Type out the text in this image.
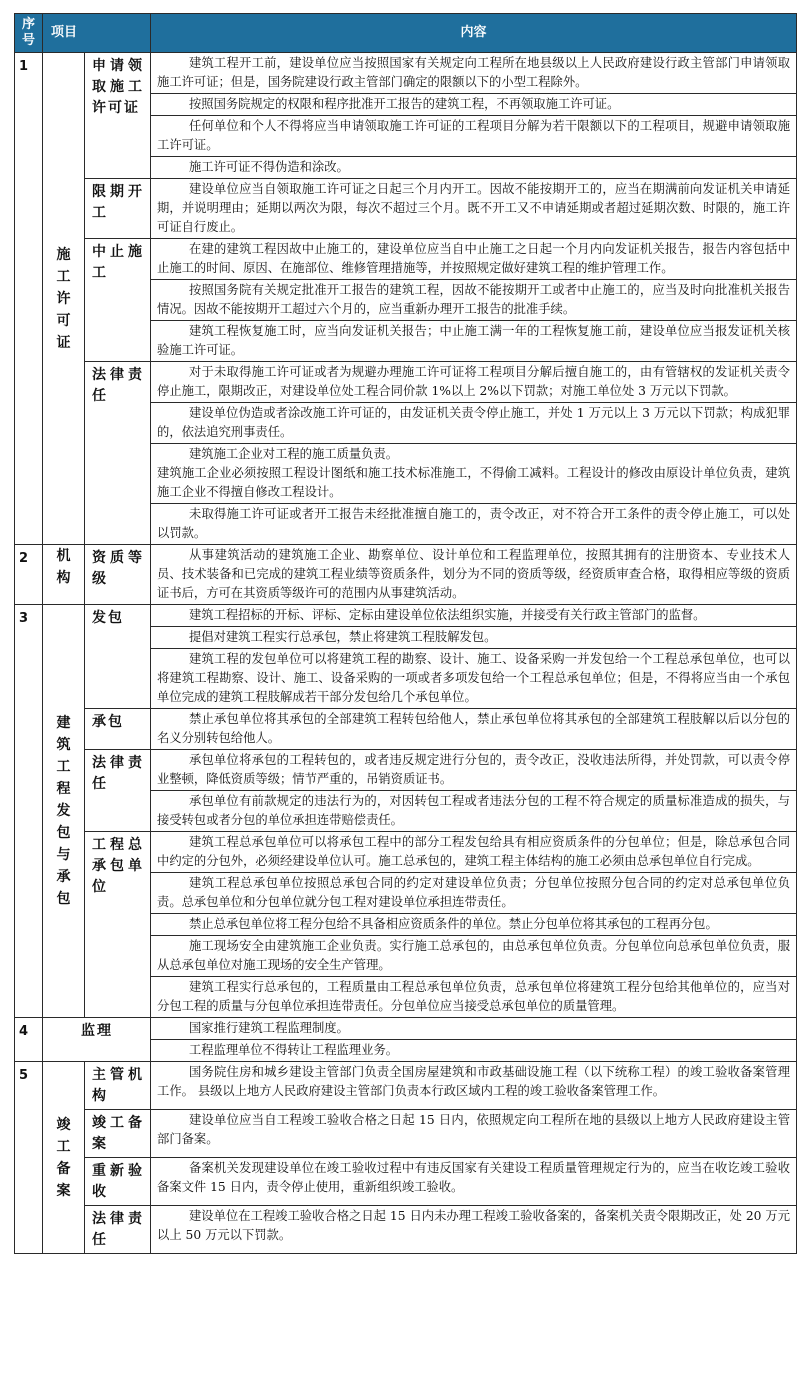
序号	项目		内容
1	施工许可证	申请领取施工许可证	建筑工程开工前，建设单位应当按照国家有关规定向工程所在地县级以上人民政府建设行政主管部门申请领取施工许可证；但是，国务院建设行政主管部门确定的限额以下的小型工程除外。
			按照国务院规定的权限和程序批准开工报告的建筑工程，不再领取施工许可证。
			任何单位和个人不得将应当申请领取施工许可证的工程项目分解为若干限额以下的工程项目，规避申请领取施工许可证。
			施工许可证不得伪造和涂改。
		限期开工	建设单位应当自领取施工许可证之日起三个月内开工。因故不能按期开工的，应当在期满前向发证机关申请延期，并说明理由；延期以两次为限，每次不超过三个月。既不开工又不申请延期或者超过延期次数、时限的，施工许可证自行废止。
		中止施工	在建的建筑工程因故中止施工的，建设单位应当自中止施工之日起一个月内向发证机关报告，报告内容包括中止施工的时间、原因、在施部位、维修管理措施等，并按照规定做好建筑工程的维护管理工作。
			按照国务院有关规定批准开工报告的建筑工程，因故不能按期开工或者中止施工的，应当及时向批准机关报告情况。因故不能按期开工超过六个月的，应当重新办理开工报告的批准手续。
			建筑工程恢复施工时，应当向发证机关报告；中止施工满一年的工程恢复施工前，建设单位应当报发证机关核验施工许可证。
		法律责任	对于未取得施工许可证或者为规避办理施工许可证将工程项目分解后擅自施工的，由有管辖权的发证机关责令停止施工，限期改正，对建设单位处工程合同价款 1%以上 2%以下罚款；对施工单位处 3 万元以下罚款。
			建设单位伪造或者涂改施工许可证的，由发证机关责令停止施工，并处 1 万元以上 3 万元以下罚款；构成犯罪的，依法追究刑事责任。
			建筑施工企业对工程的施工质量负责。
建筑施工企业必须按照工程设计图纸和施工技术标准施工，不得偷工减料。工程设计的修改由原设计单位负责，建筑施工企业不得擅自修改工程设计。
			未取得施工许可证或者开工报告未经批准擅自施工的，责令改正，对不符合开工条件的责令停止施工，可以处以罚款。
2	机构	资质等级	从事建筑活动的建筑施工企业、勘察单位、设计单位和工程监理单位，按照其拥有的注册资本、专业技术人员、技术装备和已完成的建筑工程业绩等资质条件，划分为不同的资质等级，经资质审查合格，取得相应等级的资质证书后，方可在其资质等级许可的范围内从事建筑活动。
3	建筑工程发包与承包	发包	建筑工程招标的开标、评标、定标由建设单位依法组织实施，并接受有关行政主管部门的监督。
			提倡对建筑工程实行总承包，禁止将建筑工程肢解发包。
			建筑工程的发包单位可以将建筑工程的勘察、设计、施工、设备采购一并发包给一个工程总承包单位，也可以将建筑工程勘察、设计、施工、设备采购的一项或者多项发包给一个工程总承包单位；但是，不得将应当由一个承包单位完成的建筑工程肢解成若干部分发包给几个承包单位。
		承包	禁止承包单位将其承包的全部建筑工程转包给他人，禁止承包单位将其承包的全部建筑工程肢解以后以分包的名义分别转包给他人。
		法律责任	承包单位将承包的工程转包的，或者违反规定进行分包的，责令改正，没收违法所得，并处罚款，可以责令停业整顿，降低资质等级；情节严重的，吊销资质证书。
			承包单位有前款规定的违法行为的，对因转包工程或者违法分包的工程不符合规定的质量标准造成的损失，与接受转包或者分包的单位承担连带赔偿责任。
		工程总承包单位	建筑工程总承包单位可以将承包工程中的部分工程发包给具有相应资质条件的分包单位；但是，除总承包合同中约定的分包外，必须经建设单位认可。施工总承包的，建筑工程主体结构的施工必须由总承包单位自行完成。
			建筑工程总承包单位按照总承包合同的约定对建设单位负责；分包单位按照分包合同的约定对总承包单位负责。总承包单位和分包单位就分包工程对建设单位承担连带责任。
			禁止总承包单位将工程分包给不具备相应资质条件的单位。禁止分包单位将其承包的工程再分包。
			施工现场安全由建筑施工企业负责。实行施工总承包的，由总承包单位负责。分包单位向总承包单位负责，服从总承包单位对施工现场的安全生产管理。
			建筑工程实行总承包的，工程质量由工程总承包单位负责，总承包单位将建筑工程分包给其他单位的，应当对分包工程的质量与分包单位承担连带责任。分包单位应当接受总承包单位的质量管理。
4	监理		国家推行建筑工程监理制度。
			工程监理单位不得转让工程监理业务。
5	竣工备案	主管机构	国务院住房和城乡建设主管部门负责全国房屋建筑和市政基础设施工程（以下统称工程）的竣工验收备案管理工作。 县级以上地方人民政府建设主管部门负责本行政区域内工程的竣工验收备案管理工作。
		竣工备案	建设单位应当自工程竣工验收合格之日起 15 日内，依照规定向工程所在地的县级以上地方人民政府建设主管部门备案。
		重新验收	备案机关发现建设单位在竣工验收过程中有违反国家有关建设工程质量管理规定行为的，应当在收讫竣工验收备案文件 15 日内，责令停止使用，重新组织竣工验收。
		法律责任	建设单位在工程竣工验收合格之日起 15 日内未办理工程竣工验收备案的，备案机关责令限期改正，处 20 万元以上 50 万元以下罚款。
